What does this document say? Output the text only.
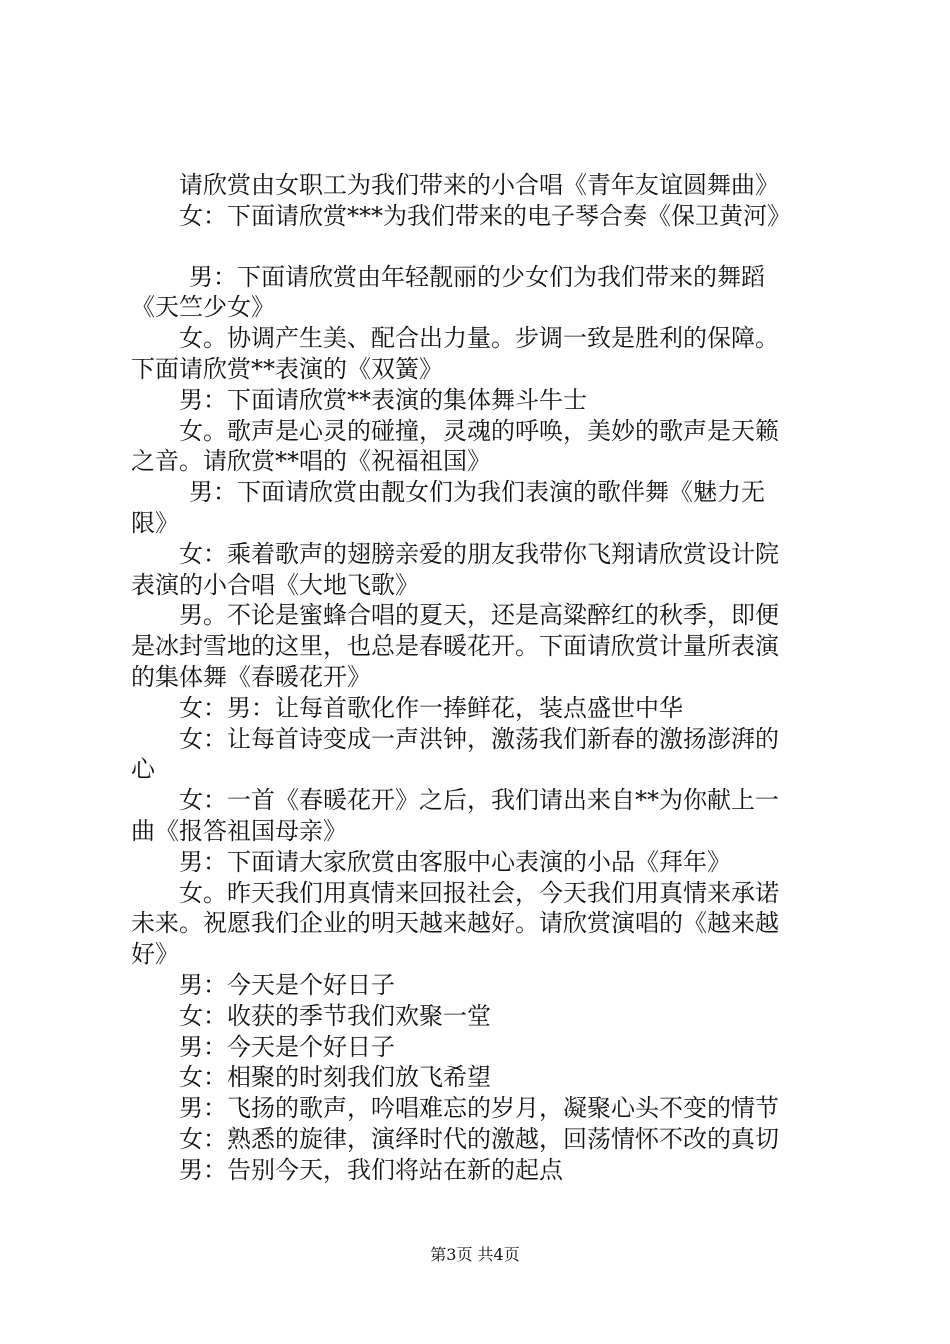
请欣赏由女职工为我们带来的小合唱《青年友谊圆舞曲》
女：下面请欣赏***为我们带来的电子琴合奏《保卫黄河》
男：下面请欣赏由年轻靓丽的少女们为我们带来的舞蹈
《天竺少女》
女。协调产生美、配合出力量。步调一致是胜利的保障。
下面请欣赏**表演的《双簧》
男：下面请欣赏**表演的集体舞斗牛士
女。歌声是心灵的碰撞，灵魂的呼唤，美妙的歌声是天籁
之音。请欣赏**唱的《祝福祖国》
男：下面请欣赏由靓女们为我们表演的歌伴舞《魅力无
限》
女：乘着歌声的翅膀亲爱的朋友我带你飞翔请欣赏设计院
表演的小合唱《大地飞歌》
男。不论是蜜蜂合唱的夏天，还是高粱醉红的秋季，即便
是冰封雪地的这里，也总是春暖花开。下面请欣赏计量所表演
的集体舞《春暖花开》
女：男：让每首歌化作一捧鲜花，装点盛世中华
女：让每首诗变成一声洪钟，激荡我们新春的激扬澎湃的
心
女：一首《春暖花开》之后，我们请出来自**为你献上一
曲《报答祖国母亲》
男：下面请大家欣赏由客服中心表演的小品《拜年》
女。昨天我们用真情来回报社会，今天我们用真情来承诺
未来。祝愿我们企业的明天越来越好。请欣赏演唱的《越来越
好》
男：今天是个好日子
女：收获的季节我们欢聚一堂
男：今天是个好日子
女：相聚的时刻我们放飞希望
男：飞扬的歌声，吟唱难忘的岁月，凝聚心头不变的情节
女：熟悉的旋律，演绎时代的激越，回荡情怀不改的真切
男：告别今天，我们将站在新的起点
第3页 共4页
